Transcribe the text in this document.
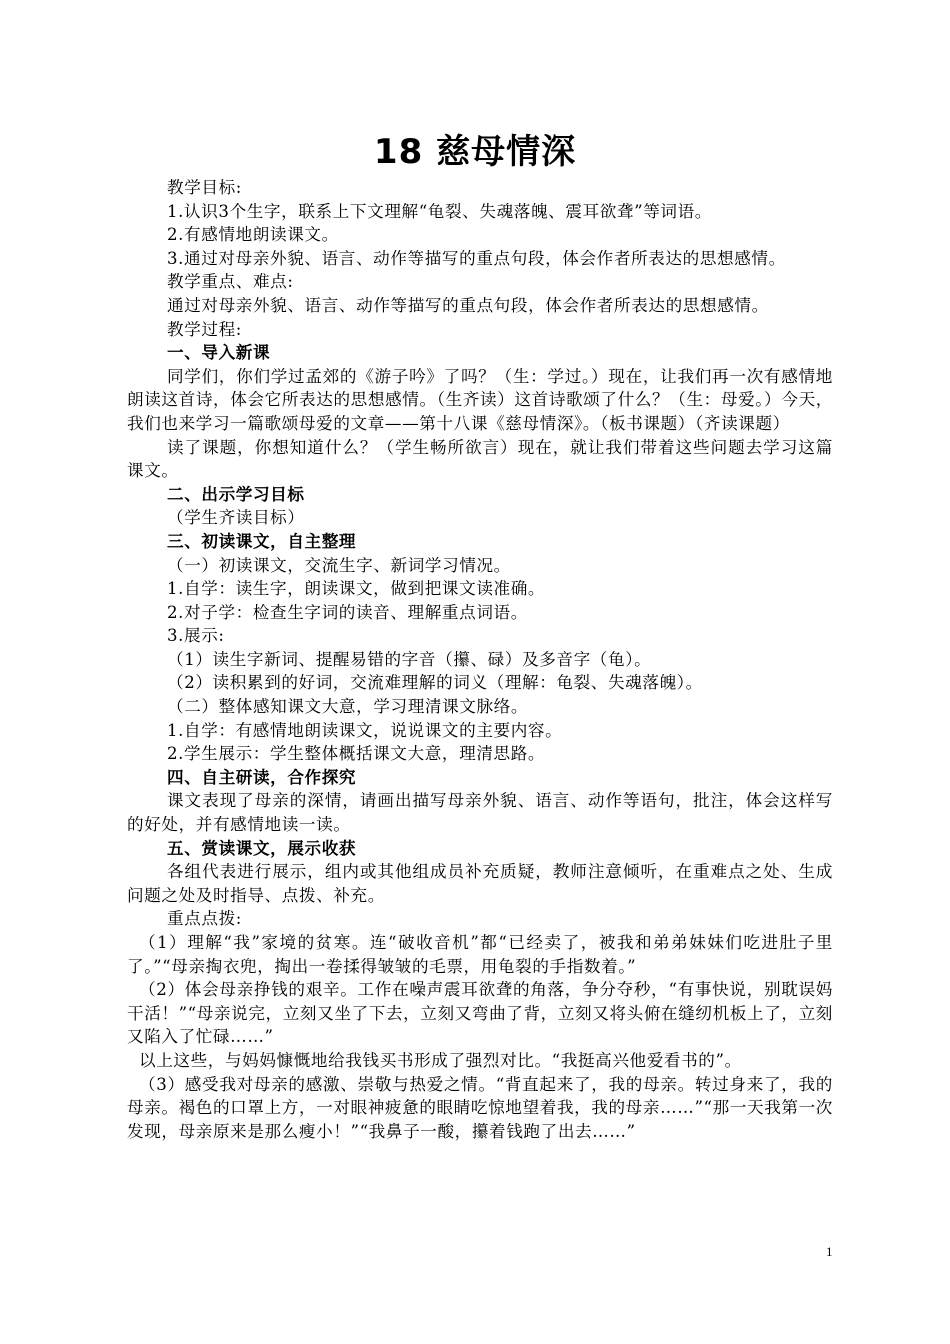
18 慈母情深

教学目标:

1.认识3个生字，联系上下文理解“龟裂、失魂落魄、震耳欲聋”等词语。

2.有感情地朗读课文。

3.通过对母亲外貌、语言、动作等描写的重点句段，体会作者所表达的思想感情。

教学重点、难点:

通过对母亲外貌、语言、动作等描写的重点句段，体会作者所表达的思想感情。

教学过程:

一、导入新课

同学们，你们学过孟郊的《游子吟》了吗？（生：学过。）现在，让我们再一次有感情地朗读这首诗，体会它所表达的思想感情。（生齐读）这首诗歌颂了什么？（生：母爱。）今天，我们也来学习一篇歌颂母爱的文章——第十八课《慈母情深》。（板书课题）（齐读课题）

读了课题，你想知道什么？（学生畅所欲言）现在，就让我们带着这些问题去学习这篇课文。

二、出示学习目标

（学生齐读目标）

三、初读课文，自主整理

（一）初读课文，交流生字、新词学习情况。

1.自学：读生字，朗读课文，做到把课文读准确。

2.对子学：检查生字词的读音、理解重点词语。

3.展示:

（1）读生字新词、提醒易错的字音（攥、碌）及多音字（龟）。

（2）读积累到的好词，交流难理解的词义（理解：龟裂、失魂落魄）。

（二）整体感知课文大意，学习理清课文脉络。

1.自学：有感情地朗读课文，说说课文的主要内容。

2.学生展示：学生整体概括课文大意，理清思路。

四、自主研读，合作探究

课文表现了母亲的深情，请画出描写母亲外貌、语言、动作等语句，批注，体会这样写的好处，并有感情地读一读。

五、赏读课文，展示收获

各组代表进行展示，组内或其他组成员补充质疑，教师注意倾听，在重难点之处、生成问题之处及时指导、点拨、补充。

重点点拨:

（1）理解“我”家境的贫寒。连“破收音机”都“已经卖了，被我和弟弟妹妹们吃进肚子里了。”“母亲掏衣兜，掏出一卷揉得皱皱的毛票，用龟裂的手指数着。”

（2）体会母亲挣钱的艰辛。工作在噪声震耳欲聋的角落，争分夺秒，“有事快说，别耽误妈干活！”“母亲说完，立刻又坐了下去，立刻又弯曲了背，立刻又将头俯在缝纫机板上了，立刻又陷入了忙碌……”

以上这些，与妈妈慷慨地给我钱买书形成了强烈对比。“我挺高兴他爱看书的”。

（3）感受我对母亲的感激、崇敬与热爱之情。“背直起来了，我的母亲。转过身来了，我的母亲。褐色的口罩上方，一对眼神疲惫的眼睛吃惊地望着我，我的母亲……”“那一天我第一次发现，母亲原来是那么瘦小！”“我鼻子一酸，攥着钱跑了出去……”

1
